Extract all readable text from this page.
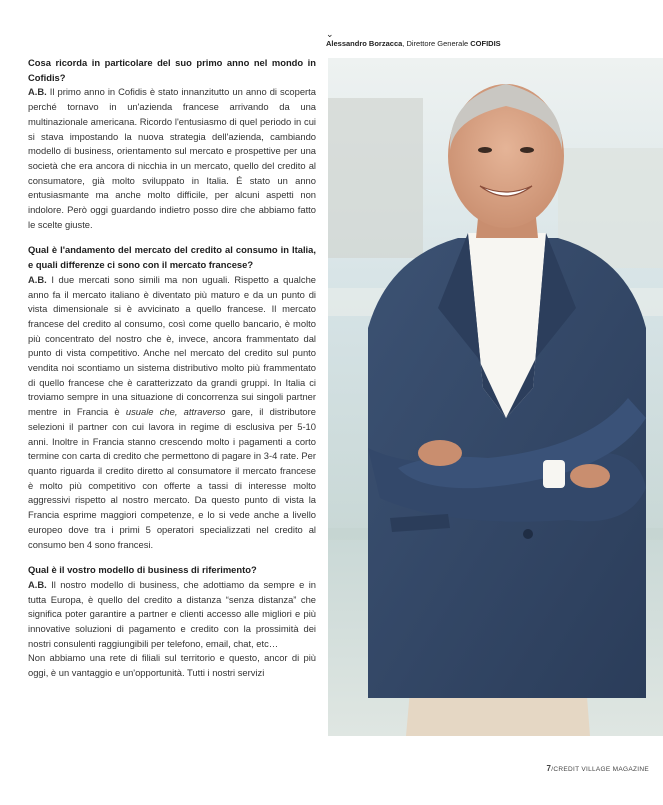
⌄
Alessandro Borzacca, Direttore Generale COFIDIS

Cosa ricorda in particolare del suo primo anno nel mondo in Cofidis?

A.B. Il primo anno in Cofidis è stato innanzitutto un anno di scoperta perché tornavo in un'azienda francese arrivando da una multinazionale americana. Ricordo l'entusiasmo di quel periodo in cui si stava impostando la nuova strategia dell'azienda, cambiando modello di business, orientamento sul mercato e prospettive per una società che era ancora di nicchia in un mercato, quello del credito al consumatore, già molto sviluppato in Italia. É stato un anno entusiasmante ma anche molto difficile, per alcuni aspetti non indolore. Però oggi guardando indietro posso dire che abbiamo fatto le scelte giuste.

Qual è l'andamento del mercato del credito al consumo in Italia, e quali differenze ci sono con il mercato francese?

A.B. I due mercati sono simili ma non uguali. Rispetto a qualche anno fa il mercato italiano è diventato più maturo e da un punto di vista dimensionale si è avvicinato a quello francese. Il mercato francese del credito al consumo, così come quello bancario, è molto più concentrato del nostro che è, invece, ancora frammentato dal punto di vista competitivo. Anche nel mercato del credito sul punto vendita noi scontiamo un sistema distributivo molto più frammentato di quello francese che è caratterizzato da grandi gruppi. In Italia ci troviamo sempre in una situazione di concorrenza sui singoli partner mentre in Francia è usuale che, attraverso gare, il distributore selezioni il partner con cui lavora in regime di esclusiva per 5-10 anni. Inoltre in Francia stanno crescendo molto i pagamenti a corto termine con carta di credito che permettono di pagare in 3-4 rate. Per quanto riguarda il credito diretto al consumatore il mercato francese è molto più competitivo con offerte a tassi di interesse molto aggressivi rispetto al nostro mercato. Da questo punto di vista la Francia esprime maggiori competenze, e lo si vede anche a livello europeo dove tra i primi 5 operatori specializzati nel credito al consumo ben 4 sono francesi.

Qual è il vostro modello di business di riferimento?

A.B. Il nostro modello di business, che adottiamo da sempre e in tutta Europa, è quello del credito a distanza “senza distanza” che significa poter garantire a partner e clienti accesso alle migliori e più innovative soluzioni di pagamento e credito con la prossimità dei nostri consulenti raggiungibili per telefono, email, chat, etc…

Non abbiamo una rete di filiali sul territorio e questo, ancor di più oggi, è un vantaggio e un'opportunità. Tutti i nostri servizi

7/CREDIT VILLAGE MAGAZINE
